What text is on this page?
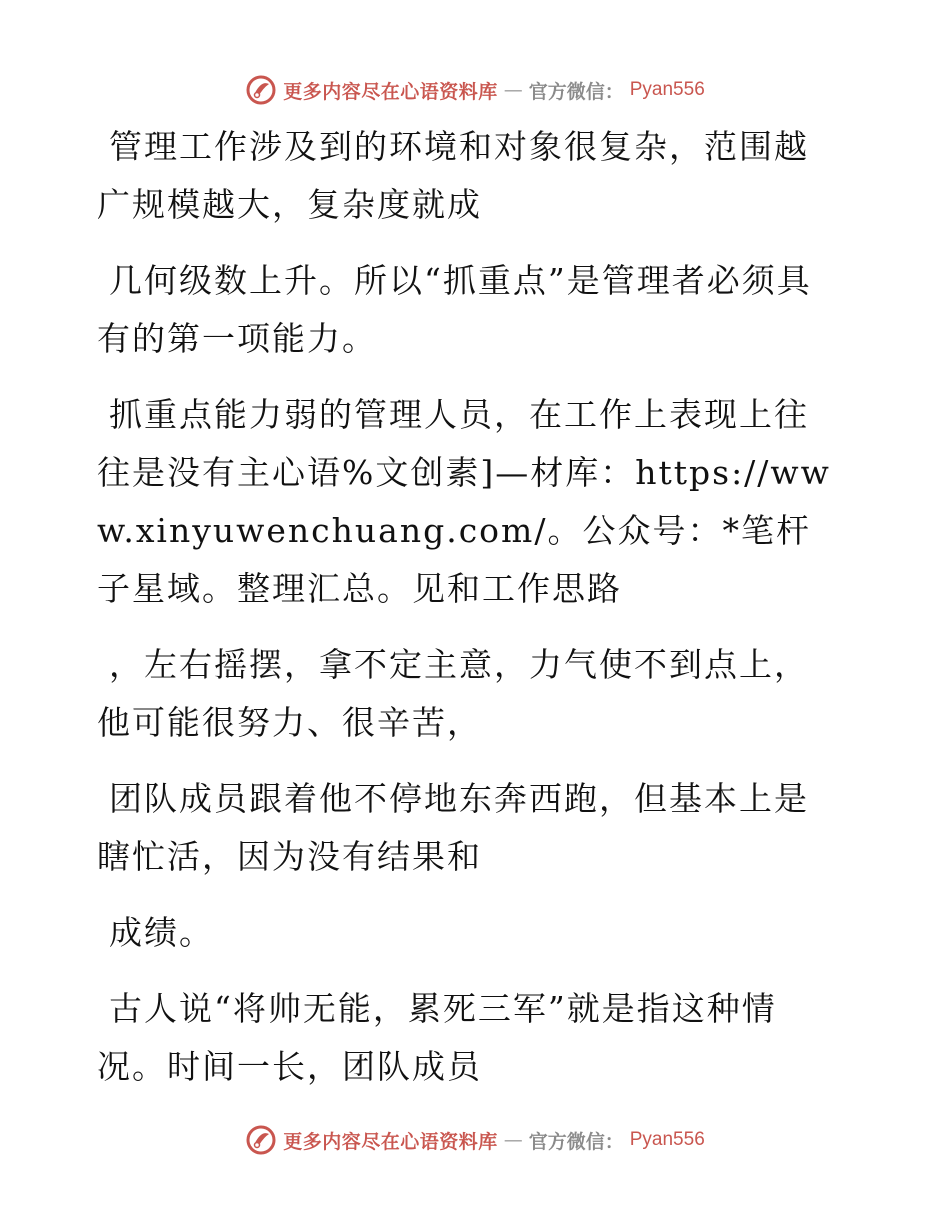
更多内容尽在心语资料库 — 官方微信： Pyan556

管理工作涉及到的环境和对象很复杂，范围越广规模越大，复杂度就成

几何级数上升。所以“抓重点”是管理者必须具有的第一项能力。

抓重点能力弱的管理人员，在工作上表现上往往是没有主心语%文创素]—材库：https://www.xinyuwenchuang.com/。公众号：*笔杆子星域。整理汇总。见和工作思路

，左右摇摆，拿不定主意，力气使不到点上，他可能很努力、很辛苦，

团队成员跟着他不停地东奔西跑，但基本上是瞎忙活，因为没有结果和

成绩。

古人说“将帅无能，累死三军”就是指这种情况。时间一长，团队成员

更多内容尽在心语资料库 — 官方微信： Pyan556
